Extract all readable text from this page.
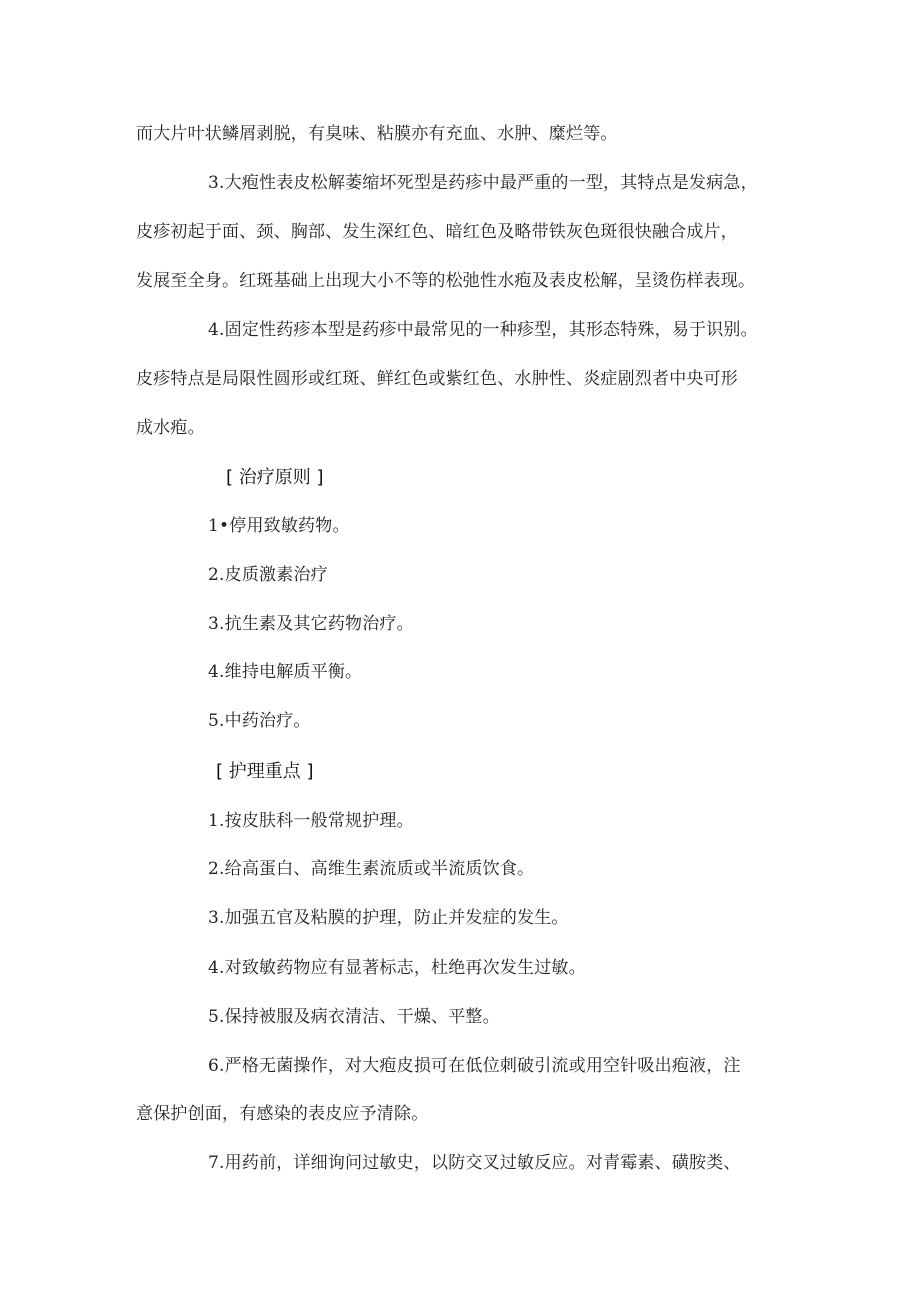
而大片叶状鳞屑剥脱，有臭味、粘膜亦有充血、水肿、糜烂等。
3.大疱性表皮松解萎缩坏死型是药疹中最严重的一型，其特点是发病急，
皮疹初起于面、颈、胸部、发生深红色、暗红色及略带铁灰色斑很快融合成片，
发展至全身。红斑基础上出现大小不等的松弛性水疱及表皮松解，呈烫伤样表现。
4.固定性药疹本型是药疹中最常见的一种疹型，其形态特殊，易于识别。
皮疹特点是局限性圆形或红斑、鲜红色或紫红色、水肿性、炎症剧烈者中央可形
成水疱。
[ 治疗原则 ]
1•停用致敏药物。
2.皮质激素治疗
3.抗生素及其它药物治疗。
4.维持电解质平衡。
5.中药治疗。
[ 护理重点 ]
1.按皮肤科一般常规护理。
2.给高蛋白、高维生素流质或半流质饮食。
3.加强五官及粘膜的护理，防止并发症的发生。
4.对致敏药物应有显著标志，杜绝再次发生过敏。
5.保持被服及病衣清洁、干燥、平整。
6.严格无菌操作，对大疱皮损可在低位刺破引流或用空针吸出疱液，注
意保护创面，有感染的表皮应予清除。
7.用药前，详细询问过敏史，以防交叉过敏反应。对青霉素、磺胺类、
